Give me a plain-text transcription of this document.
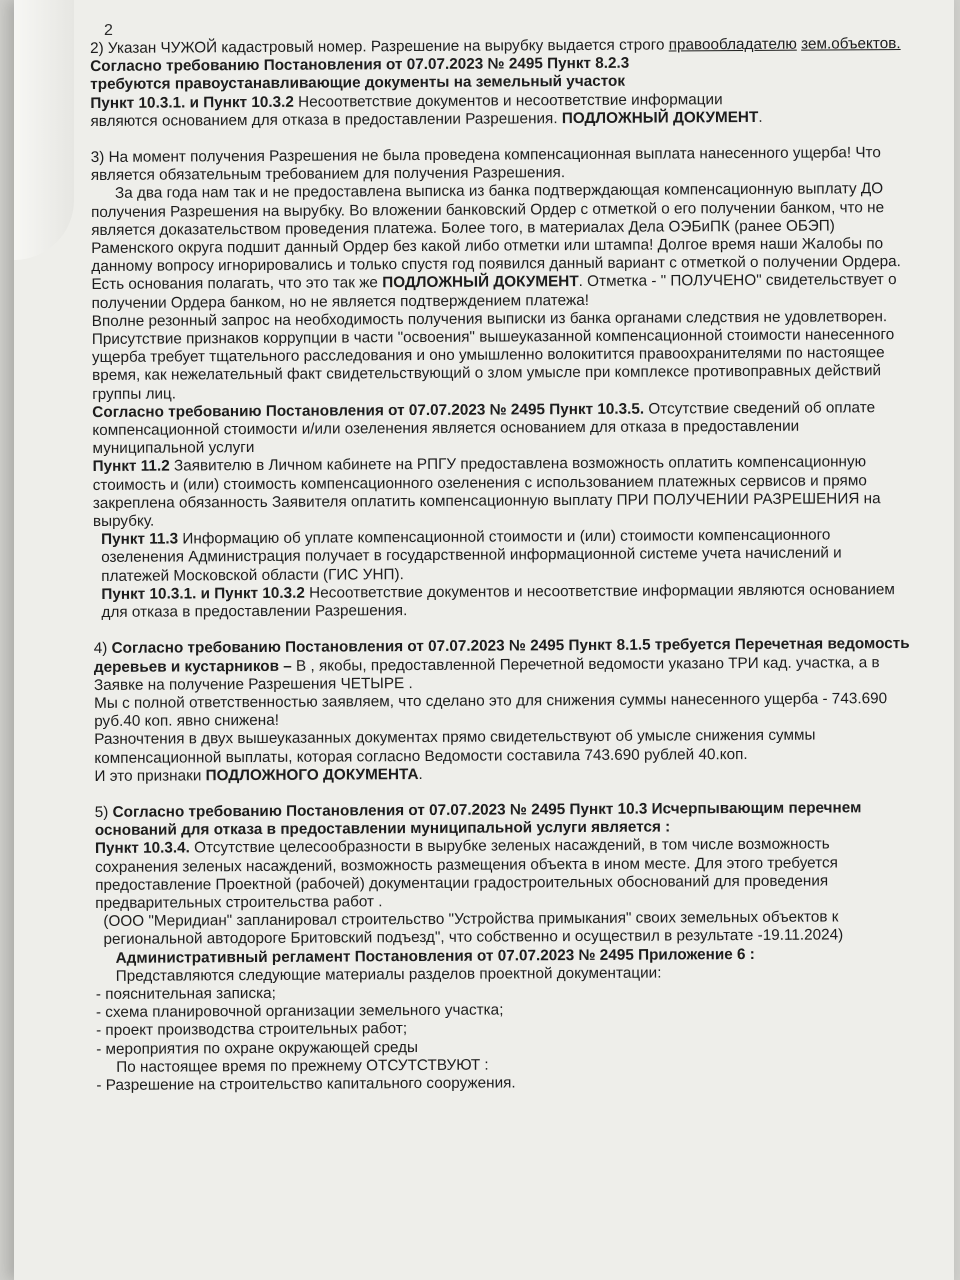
2

2) Указан ЧУЖОЙ кадастровый номер. Разрешение на вырубку выдается строго правообладателю зем.объектов. Согласно требованию Постановления от 07.07.2023 № 2495 Пункт 8.2.3

требуются правоустанавливающие документы на земельный участок

Пункт 10.3.1. и Пункт 10.3.2 Несоответствие документов и несоответствие информации

являются основанием для отказа в предоставлении Разрешения. ПОДЛОЖНЫЙ ДОКУМЕНТ.

3) На момент получения Разрешения не была проведена компенсационная выплата нанесенного ущерба! Что является обязательным требованием для получения Разрешения.

За два года нам так и не предоставлена выписка из банка подтверждающая компенсационную выплату ДО получения Разрешения на вырубку. Во вложении банковский Ордер с отметкой о его получении банком, что не является доказательством проведения платежа. Более того, в материалах Дела ОЭБиПК (ранее ОБЭП) Раменского округа подшит данный Ордер без какой либо отметки или штампа! Долгое время наши Жалобы по данному вопросу игнорировались и только спустя год появился данный вариант с отметкой о получении Ордера. Есть основания полагать, что это так же ПОДЛОЖНЫЙ ДОКУМЕНТ. Отметка - " ПОЛУЧЕНО" свидетельствует о получении Ордера банком, но не является подтверждением платежа!

Вполне резонный запрос на необходимость получения выписки из банка органами следствия не удовлетворен. Присутствие признаков коррупции в части "освоения" вышеуказанной компенсационной стоимости нанесенного ущерба требует тщательного расследования и оно умышленно волокитится правоохранителями по настоящее время, как нежелательный факт свидетельствующий о злом умысле при комплексе противоправных действий группы лиц.

Согласно требованию Постановления от 07.07.2023 № 2495 Пункт 10.3.5. Отсутствие сведений об оплате компенсационной стоимости и/или озеленения является основанием для отказа в предоставлении муниципальной услуги

Пункт 11.2 Заявителю в Личном кабинете на РПГУ предоставлена возможность оплатить компенсационную стоимость и (или) стоимость компенсационного озеленения с использованием платежных сервисов и прямо закреплена обязанность Заявителя оплатить компенсационную выплату ПРИ ПОЛУЧЕНИИ РАЗРЕШЕНИЯ на вырубку.

Пункт 11.3 Информацию об уплате компенсационной стоимости и (или) стоимости компенсационного озеленения Администрация получает в государственной информационной системе учета начислений и платежей Московской области (ГИС УНП).

Пункт 10.3.1. и Пункт 10.3.2 Несоответствие документов и несоответствие информации являются основанием для отказа в предоставлении Разрешения.

4) Согласно требованию Постановления от 07.07.2023 № 2495 Пункт 8.1.5 требуется Перечетная ведомость деревьев и кустарников – В , якобы, предоставленной Перечетной ведомости указано ТРИ кад. участка, а в Заявке на получение Разрешения ЧЕТЫРЕ .

Мы с полной ответственностью заявляем, что сделано это для снижения суммы нанесенного ущерба - 743.690 руб.40 коп. явно снижена!

Разночтения в двух вышеуказанных документах прямо свидетельствуют об умысле снижения суммы компенсационной выплаты, которая согласно Ведомости составила 743.690 рублей 40.коп.

И это признаки ПОДЛОЖНОГО ДОКУМЕНТА.

5) Согласно требованию Постановления от 07.07.2023 № 2495 Пункт 10.3 Исчерпывающим перечнем оснований для отказа в предоставлении муниципальной услуги является :

Пункт 10.3.4. Отсутствие целесообразности в вырубке зеленых насаждений, в том числе возможность сохранения зеленых насаждений, возможность размещения объекта в ином месте. Для этого требуется предоставление Проектной (рабочей) документации градостроительных обоснований для проведения предварительных строительства работ .

(ООО "Меридиан" запланировал строительство "Устройства примыкания" своих земельных объектов к региональной автодороге Бритовский подъезд", что собственно и осуществил в результате -19.11.2024)

Административный регламент Постановления от 07.07.2023 № 2495 Приложение 6 :

Представляются следующие материалы разделов проектной документации:

- пояснительная записка;

- схема планировочной организации земельного участка;

- проект производства строительных работ;

- мероприятия по охране окружающей среды

По настоящее время по прежнему ОТСУТСТВУЮТ :

- Разрешение на строительство капитального сооружения.
